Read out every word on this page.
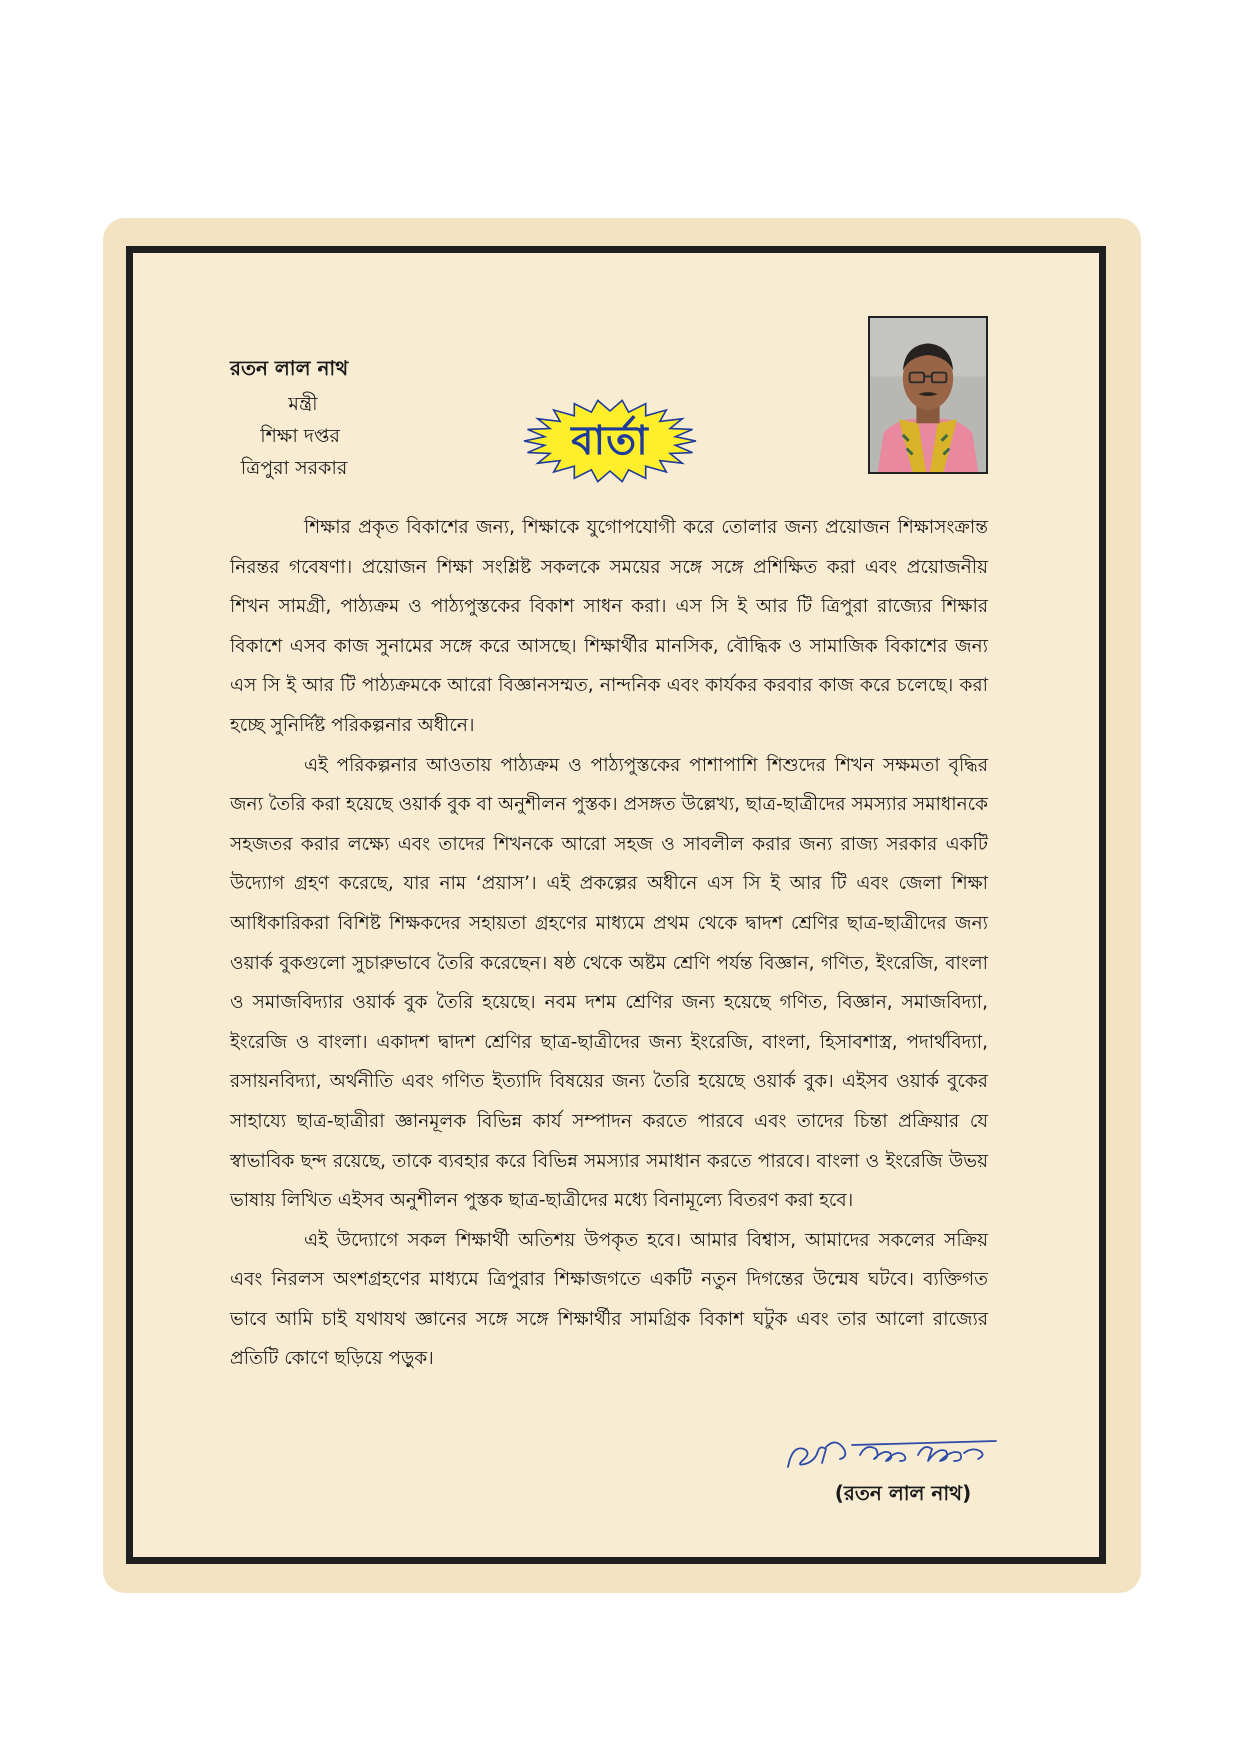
রতন লাল নাথ
মন্ত্রী
শিক্ষা দপ্তর
ত্রিপুরা সরকার
বার্তা

শিক্ষার প্রকৃত বিকাশের জন্য, শিক্ষাকে যুগোপযোগী করে তোলার জন্য প্রয়োজন শিক্ষাসংক্রান্ত নিরন্তর গবেষণা। প্রয়োজন শিক্ষা সংশ্লিষ্ট সকলকে সময়ের সঙ্গে সঙ্গে প্রশিক্ষিত করা এবং প্রয়োজনীয় শিখন সামগ্রী, পাঠ্যক্রম ও পাঠ্যপুস্তকের বিকাশ সাধন করা। এস সি ই আর টি ত্রিপুরা রাজ্যের শিক্ষার বিকাশে এসব কাজ সুনামের সঙ্গে করে আসছে। শিক্ষার্থীর মানসিক, বৌদ্ধিক ও সামাজিক বিকাশের জন্য এস সি ই আর টি পাঠ্যক্রমকে আরো বিজ্ঞানসম্মত, নান্দনিক এবং কার্যকর করবার কাজ করে চলেছে। করা হচ্ছে সুনির্দিষ্ট পরিকল্পনার অধীনে।

এই পরিকল্পনার আওতায় পাঠ্যক্রম ও পাঠ্যপুস্তকের পাশাপাশি শিশুদের শিখন সক্ষমতা বৃদ্ধির জন্য তৈরি করা হয়েছে ওয়ার্ক বুক বা অনুশীলন পুস্তক। প্রসঙ্গত উল্লেখ্য, ছাত্র-ছাত্রীদের সমস্যার সমাধানকে সহজতর করার লক্ষ্যে এবং তাদের শিখনকে আরো সহজ ও সাবলীল করার জন্য রাজ্য সরকার একটি উদ্যোগ গ্রহণ করেছে, যার নাম ‘প্রয়াস’। এই প্রকল্পের অধীনে এস সি ই আর টি এবং জেলা শিক্ষা আধিকারিকরা বিশিষ্ট শিক্ষকদের সহায়তা গ্রহণের মাধ্যমে প্রথম থেকে দ্বাদশ শ্রেণির ছাত্র-ছাত্রীদের জন্য ওয়ার্ক বুকগুলো সুচারুভাবে তৈরি করেছেন। ষষ্ঠ থেকে অষ্টম শ্রেণি পর্যন্ত বিজ্ঞান, গণিত, ইংরেজি, বাংলা ও সমাজবিদ্যার ওয়ার্ক বুক তৈরি হয়েছে। নবম দশম শ্রেণির জন্য হয়েছে গণিত, বিজ্ঞান, সমাজবিদ্যা, ইংরেজি ও বাংলা। একাদশ দ্বাদশ শ্রেণির ছাত্র-ছাত্রীদের জন্য ইংরেজি, বাংলা, হিসাবশাস্ত্র, পদার্থবিদ্যা, রসায়নবিদ্যা, অর্থনীতি এবং গণিত ইত্যাদি বিষয়ের জন্য তৈরি হয়েছে ওয়ার্ক বুক। এইসব ওয়ার্ক বুকের সাহায্যে ছাত্র-ছাত্রীরা জ্ঞানমূলক বিভিন্ন কার্য সম্পাদন করতে পারবে এবং তাদের চিন্তা প্রক্রিয়ার যে স্বাভাবিক ছন্দ রয়েছে, তাকে ব্যবহার করে বিভিন্ন সমস্যার সমাধান করতে পারবে। বাংলা ও ইংরেজি উভয় ভাষায় লিখিত এইসব অনুশীলন পুস্তক ছাত্র-ছাত্রীদের মধ্যে বিনামূল্যে বিতরণ করা হবে।

এই উদ্যোগে সকল শিক্ষার্থী অতিশয় উপকৃত হবে। আমার বিশ্বাস, আমাদের সকলের সক্রিয় এবং নিরলস অংশগ্রহণের মাধ্যমে ত্রিপুরার শিক্ষাজগতে একটি নতুন দিগন্তের উন্মেষ ঘটবে। ব্যক্তিগত ভাবে আমি চাই যথাযথ জ্ঞানের সঙ্গে সঙ্গে শিক্ষার্থীর সামগ্রিক বিকাশ ঘটুক এবং তার আলো রাজ্যের প্রতিটি কোণে ছড়িয়ে পড়ুক।

(রতন লাল নাথ)
